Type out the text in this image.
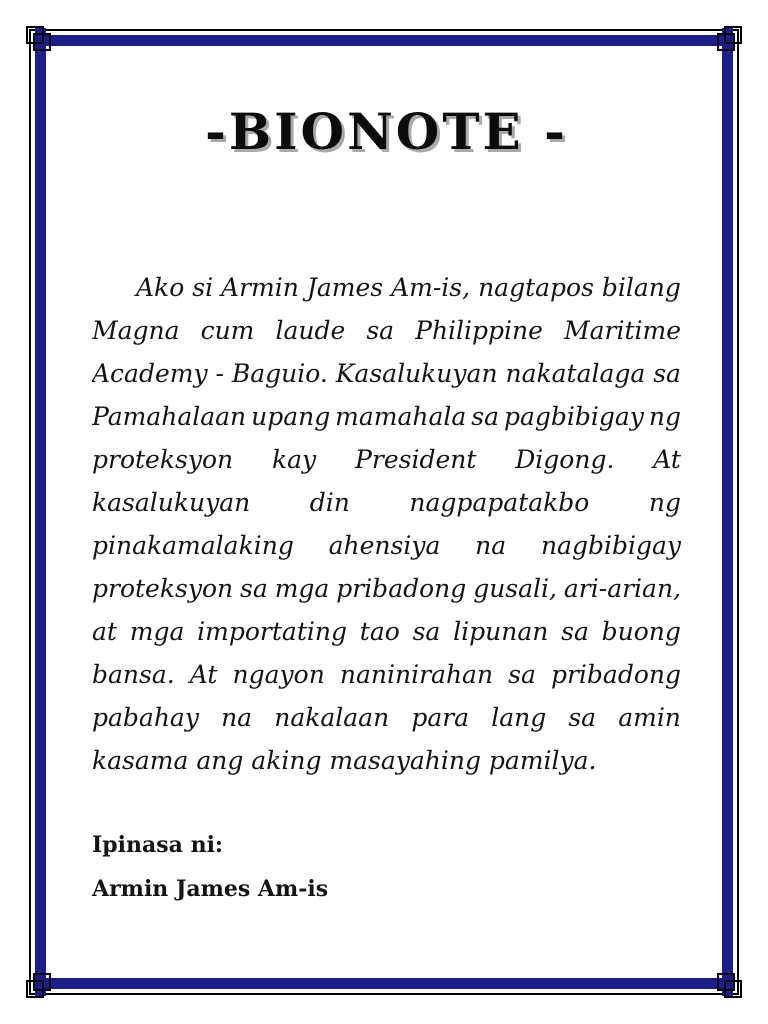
-BIONOTE -
Ako si Armin James Am-is, nagtapos bilang
Magna cum laude sa Philippine Maritime
Academy - Baguio. Kasalukuyan nakatalaga sa
Pamahalaan upang mamahala sa pagbibigay ng
proteksyon kay President Digong. At
kasalukuyan din nagpapatakbo ng
pinakamalaking ahensiya na nagbibigay
proteksyon sa mga pribadong gusali, ari-arian,
at mga importating tao sa lipunan sa buong
bansa. At ngayon naninirahan sa pribadong
pabahay na nakalaan para lang sa amin
kasama ang aking masayahing pamilya.
Ipinasa ni:
Armin James Am-is
